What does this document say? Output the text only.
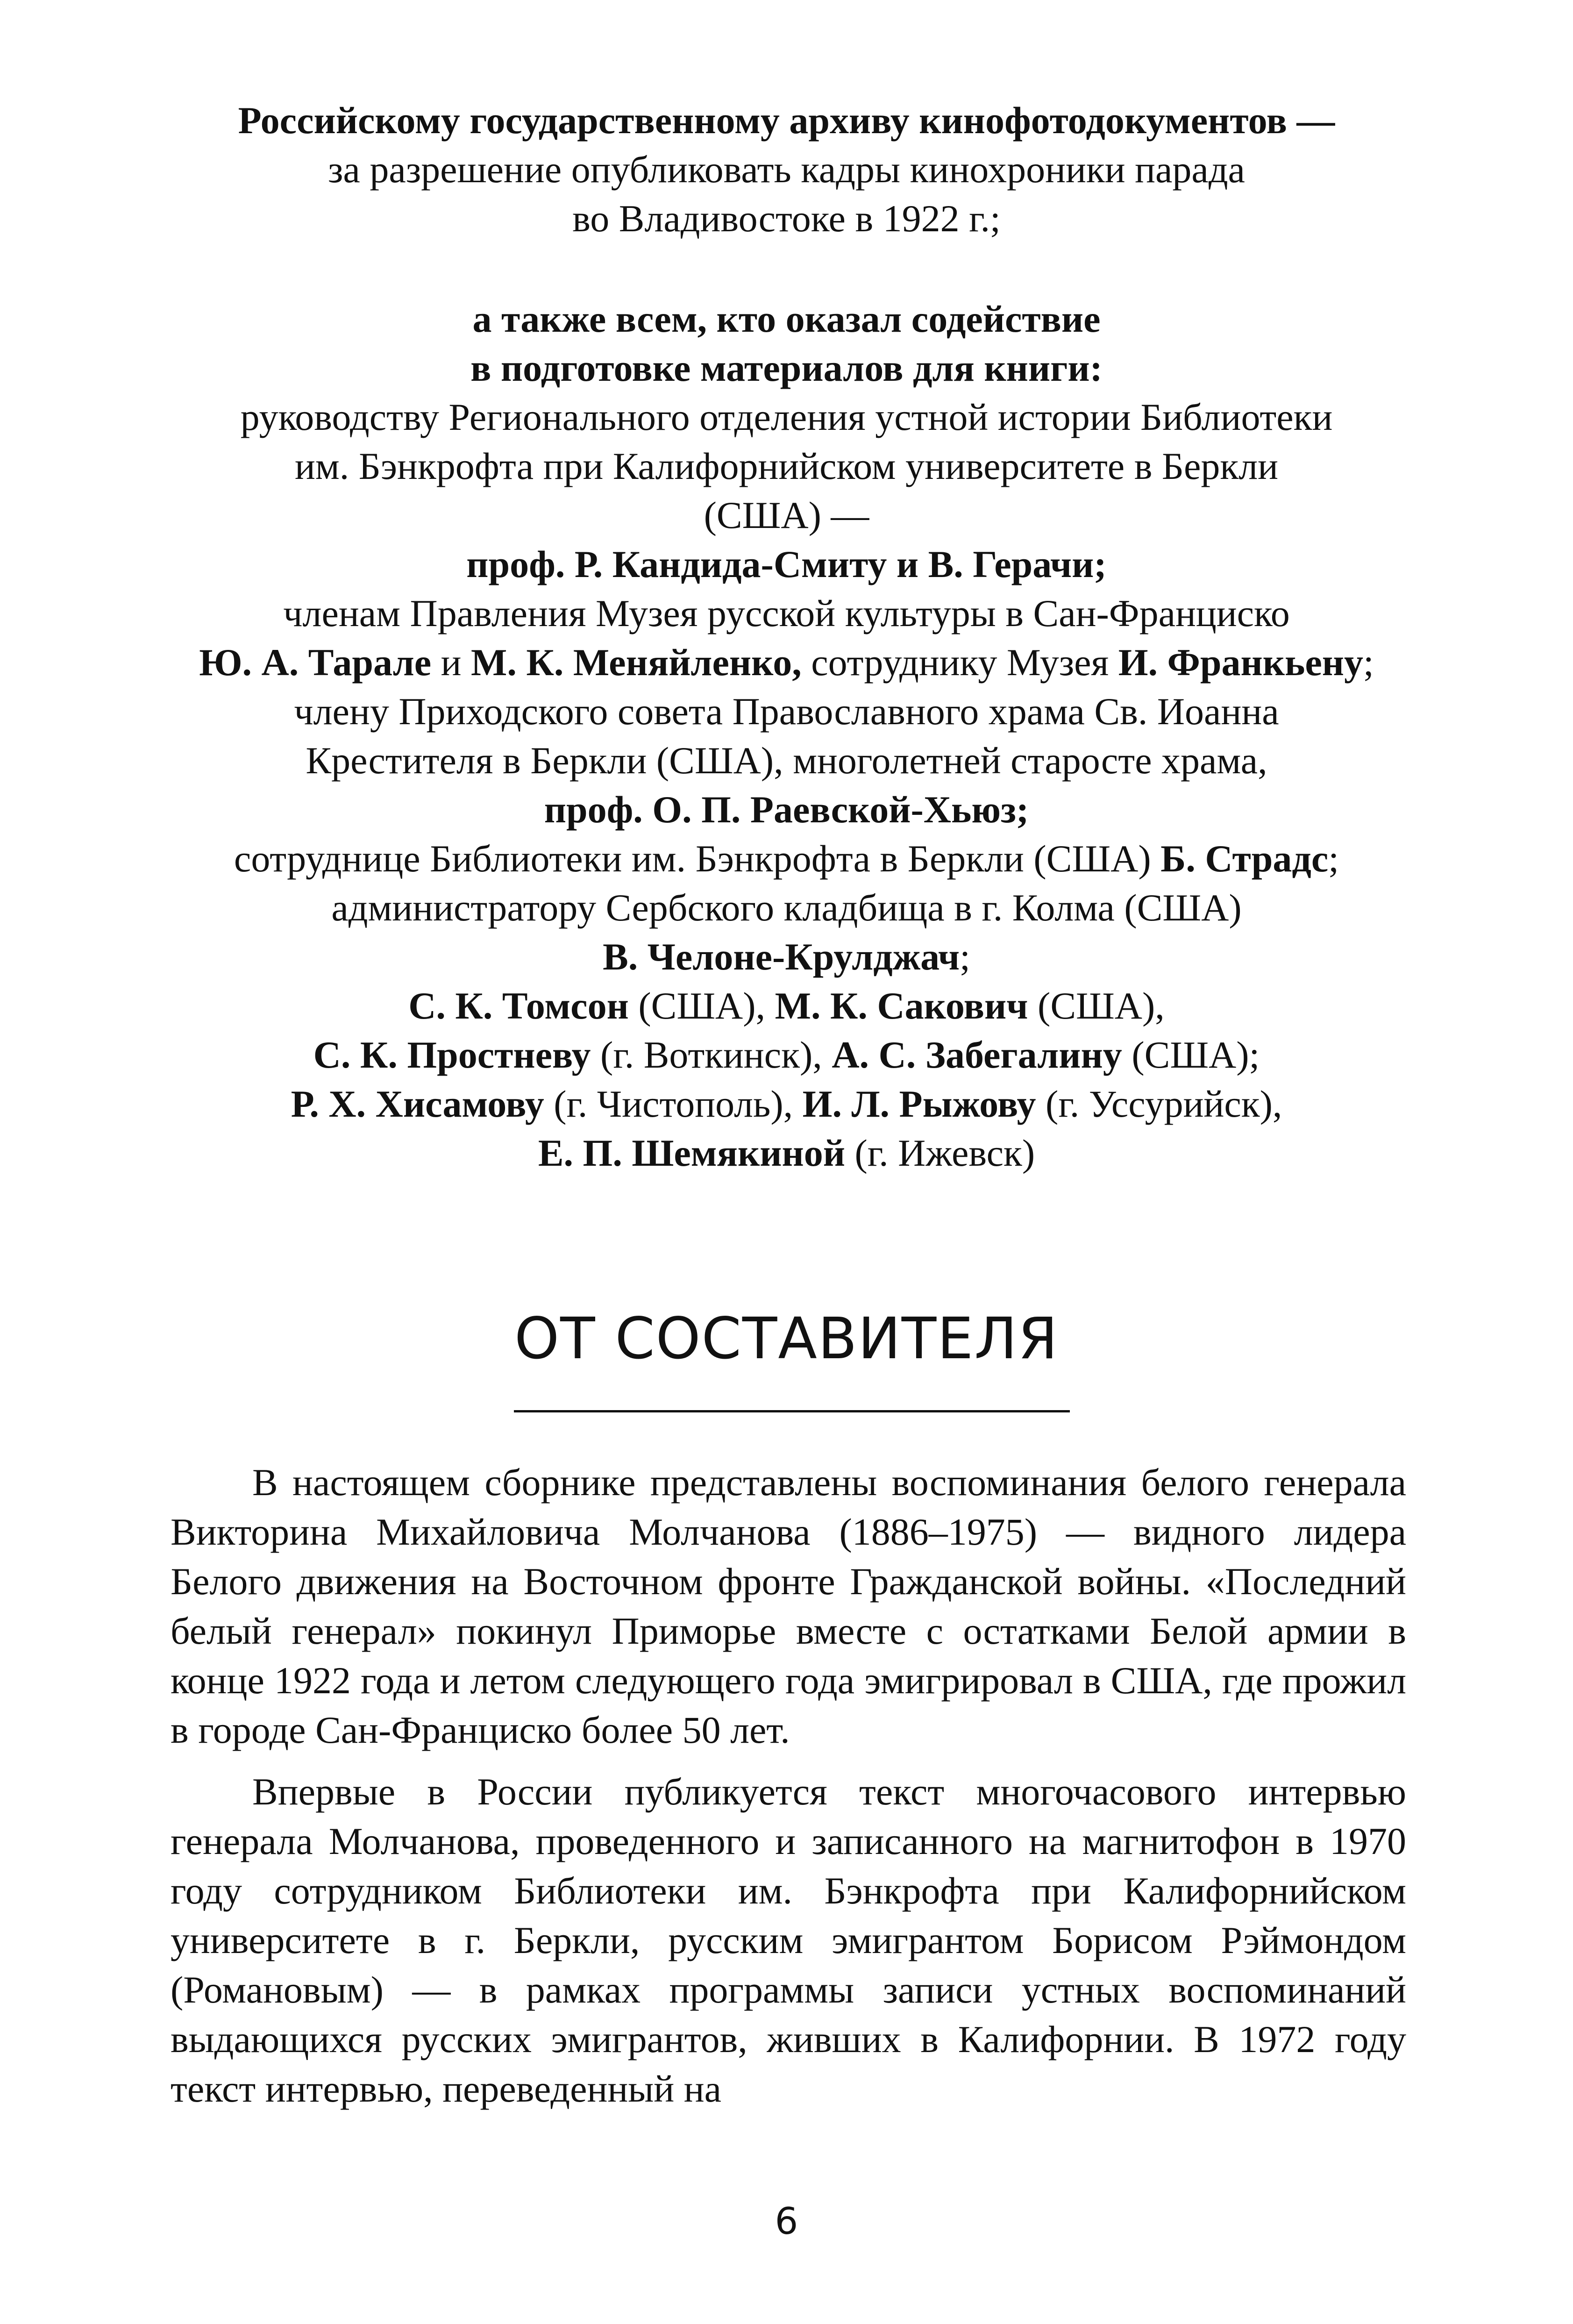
Российскому государственному архиву кинофотодокументов —
за разрешение опубликовать кадры кинохроники парада
во Владивостоке в 1922 г.;
а также всем, кто оказал содействие
в подготовке материалов для книги:
руководству Регионального отделения устной истории Библиотеки
им. Бэнкрофта при Калифорнийском университете в Беркли
(США) —
проф. Р. Кандида-Смиту и В. Герачи;
членам Правления Музея русской культуры в Сан-Франциско
Ю. А. Таpале и М. К. Меняйленко, сотруднику Музея И. Франкьену;
члену Приходского совета Православного храма Св. Иоанна
Крестителя в Беркли (США), многолетней старосте храма,
проф. О. П. Раевской-Хьюз;
сотруднице Библиотеки им. Бэнкрофта в Беркли (США) Б. Страдс;
администратору Сербского кладбища в г. Колма (США)
В. Челоне-Крулджач;
С. К. Томсон (США), М. К. Сакович (США),
С. К. Простневу (г. Воткинск), А. С. Забегалину (США);
Р. Х. Хисамову (г. Чистополь), И. Л. Рыжову (г. Уссурийск),
Е. П. Шемякиной (г. Ижевск)
ОТ СОСТАВИТЕЛЯ

В настоящем сборнике представлены воспоминания белого генерала Викторина Михайловича Молчанова (1886–1975) — видного лидера Белого движения на Восточном фронте Гражданской войны. «Последний белый генерал» покинул Приморье вместе с остатками Белой армии в конце 1922 года и летом следующего года эмигрировал в США, где прожил в городе Сан-Франциско более 50 лет.

Впервые в России публикуется текст многочасового интервью генерала Молчанова, проведенного и записанного на магнитофон в 1970 году сотрудником Библиотеки им. Бэнкрофта при Калифорнийском университете в г. Беркли, русским эмигрантом Борисом Рэймондом (Романовым) — в рамках программы записи устных воспоминаний выдающихся русских эмигрантов, живших в Калифорнии. В 1972 году текст интервью, переведенный на

6
